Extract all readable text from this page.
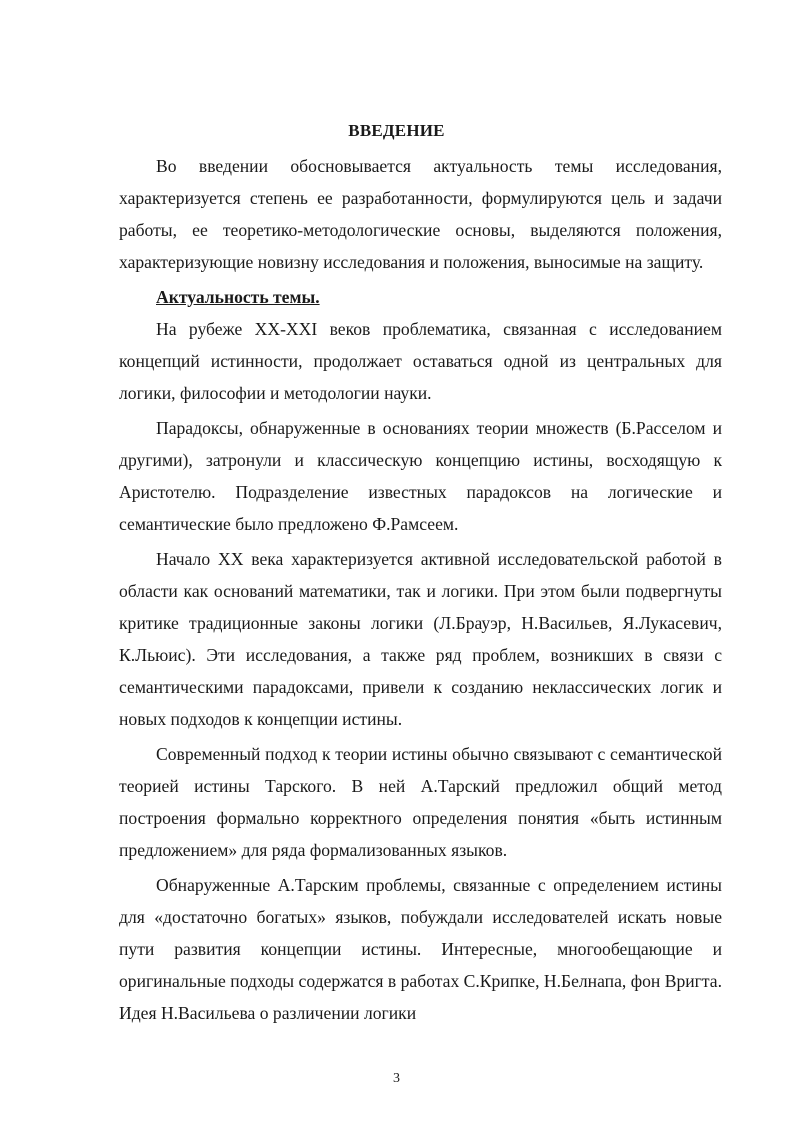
ВВЕДЕНИЕ

Во введении обосновывается актуальность темы исследования, характеризуется степень ее разработанности, формулируются цель и задачи работы, ее теоретико-методологические основы, выделяются положения, характеризующие новизну исследования и положения, выносимые на защиту.

Актуальность темы.

На рубеже XX-XXI веков проблематика, связанная с исследованием концепций истинности, продолжает оставаться одной из центральных для логики, философии и методологии науки.

Парадоксы, обнаруженные в основаниях теории множеств (Б.Расселом и другими), затронули и классическую концепцию истины, восходящую к Аристотелю. Подразделение известных парадоксов на логические и семантические было предложено Ф.Рамсеем.

Начало XX века характеризуется активной исследовательской работой в области как оснований математики, так и логики. При этом были подвергнуты критике традиционные законы логики (Л.Брауэр, Н.Васильев, Я.Лукасевич, К.Льюис). Эти исследования, а также ряд проблем, возникших в связи с семантическими парадоксами, привели к созданию неклассических логик и новых подходов к концепции истины.

Современный подход к теории истины обычно связывают с семантической теорией истины Тарского. В ней А.Тарский предложил общий метод построения формально корректного определения понятия «быть истинным предложением» для ряда формализованных языков.

Обнаруженные А.Тарским проблемы, связанные с определением истины для «достаточно богатых» языков, побуждали исследователей искать новые пути развития концепции истины. Интересные, многообещающие и оригинальные подходы содержатся в работах С.Крипке, Н.Белнапа, фон Вригта. Идея Н.Васильева о различении логики

3
